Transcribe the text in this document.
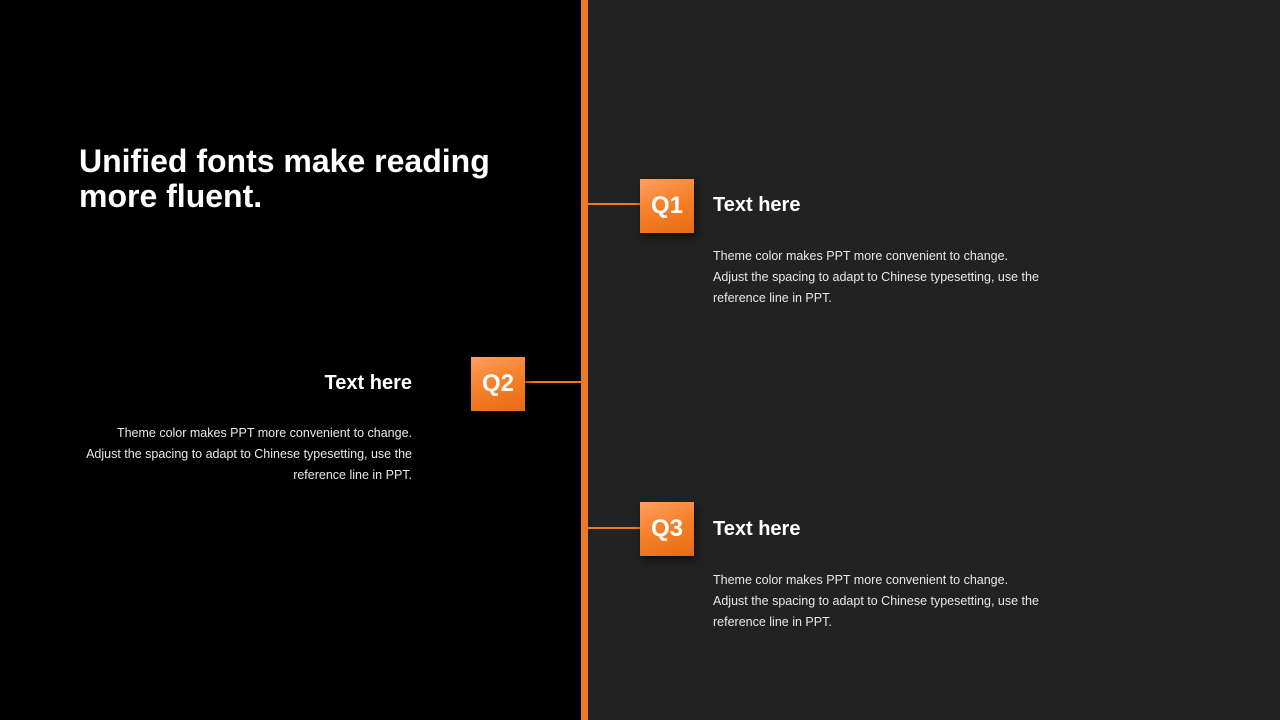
Unified fonts make reading more fluent.	Q1	Text here

Theme color makes PPT more convenient to change. Adjust the spacing to adapt to Chinese typesetting, use the reference line in PPT.

Q2
Text here

Theme color makes PPT more convenient to change. Adjust the spacing to adapt to Chinese typesetting, use the reference line in PPT.

Q3	Text here

Theme color makes PPT more convenient to change. Adjust the spacing to adapt to Chinese typesetting, use the reference line in PPT.
